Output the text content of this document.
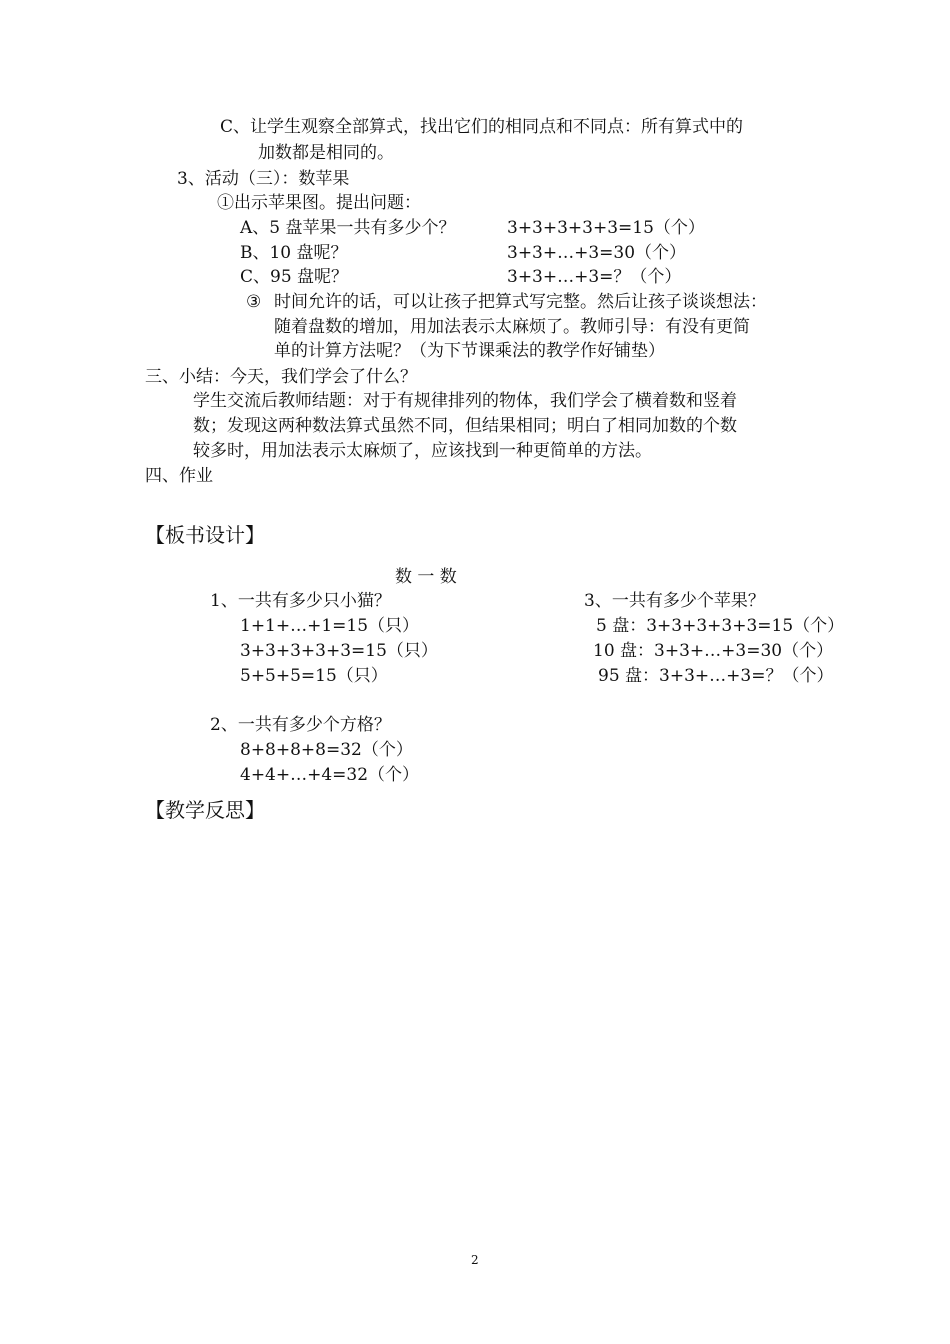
C、让学生观察全部算式，找出它们的相同点和不同点：所有算式中的
加数都是相同的。
3、活动（三）：数苹果
①出示苹果图。提出问题：
A、5 盘苹果一共有多少个？	3+3+3+3+3=15（个）
B、10 盘呢？	3+3+…+3=30（个）
C、95 盘呢？	3+3+…+3=？（个）
③ 时间允许的话，可以让孩子把算式写完整。然后让孩子谈谈想法：
随着盘数的增加，用加法表示太麻烦了。教师引导：有没有更简
单的计算方法呢？（为下节课乘法的教学作好铺垫）
三、小结：今天，我们学会了什么？
学生交流后教师结题：对于有规律排列的物体，我们学会了横着数和竖着
数；发现这两种数法算式虽然不同，但结果相同；明白了相同加数的个数
较多时，用加法表示太麻烦了，应该找到一种更简单的方法。
四、作业
【板书设计】
数 一 数
1、一共有多少只小猫？
1+1+…+1=15（只）
3+3+3+3+3=15（只）
5+5+5=15（只）
2、一共有多少个方格？
8+8+8+8=32（个）
4+4+…+4=32（个）
3、一共有多少个苹果？
5 盘：3+3+3+3+3=15（个）
10 盘：3+3+…+3=30（个）
95 盘：3+3+…+3=？（个）
【教学反思】
2
